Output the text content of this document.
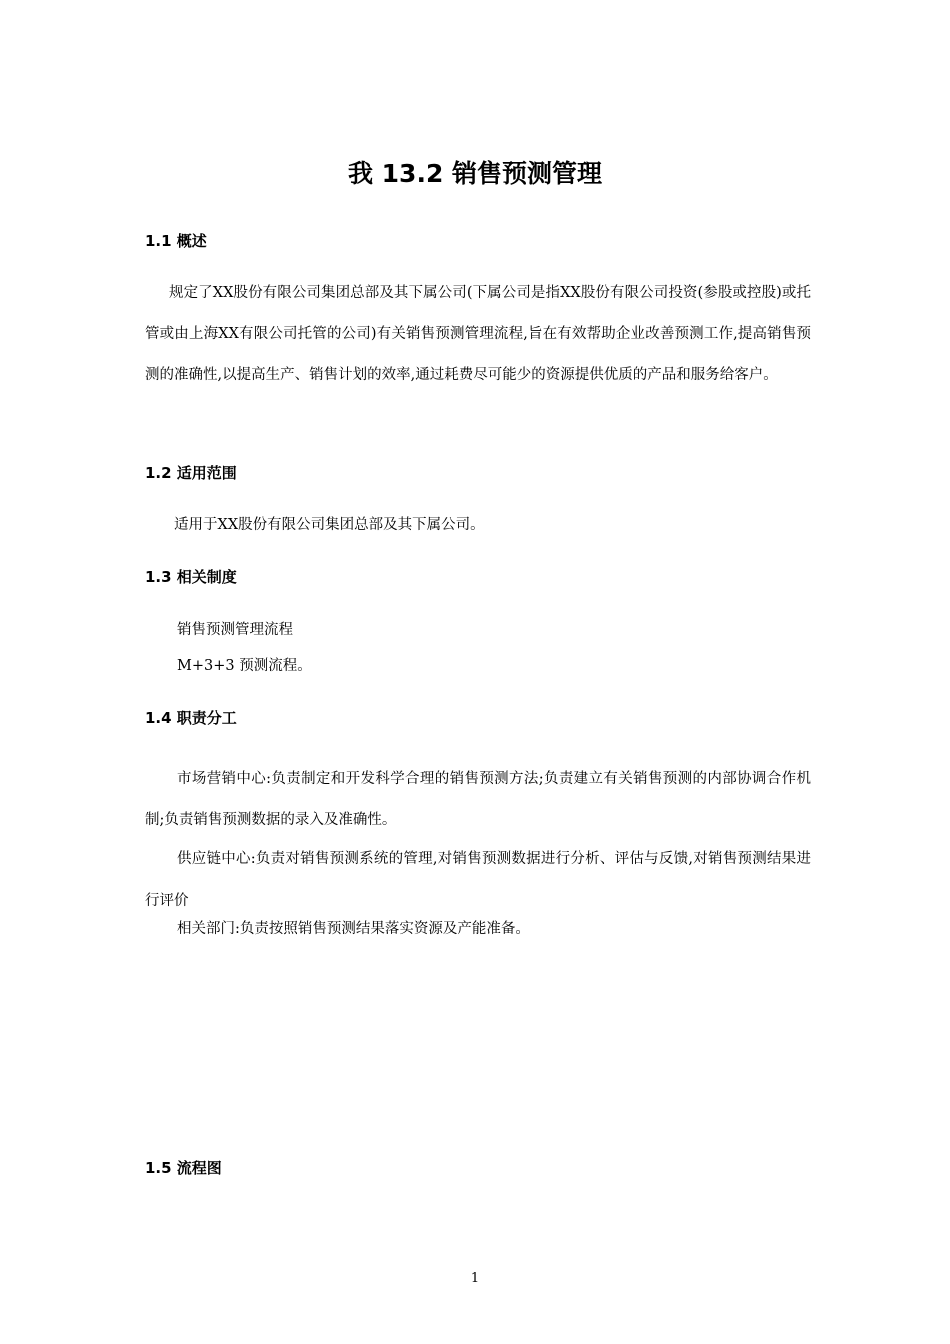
我 13.2 销售预测管理
1.1 概述

规定了XX股份有限公司集团总部及其下属公司(下属公司是指XX股份有限公司投资(参股或控股)或托管或由上海XX有限公司托管的公司)有关销售预测管理流程,旨在有效帮助企业改善预测工作,提高销售预测的准确性,以提高生产、销售计划的效率,通过耗费尽可能少的资源提供优质的产品和服务给客户。

1.2 适用范围

适用于XX股份有限公司集团总部及其下属公司。

1.3 相关制度

销售预测管理流程

M+3+3 预测流程。

1.4 职责分工

市场营销中心:负责制定和开发科学合理的销售预测方法;负责建立有关销售预测的内部协调合作机制;负责销售预测数据的录入及准确性。

供应链中心:负责对销售预测系统的管理,对销售预测数据进行分析、评估与反馈,对销售预测结果进行评价

相关部门:负责按照销售预测结果落实资源及产能准备。

1.5 流程图
1
